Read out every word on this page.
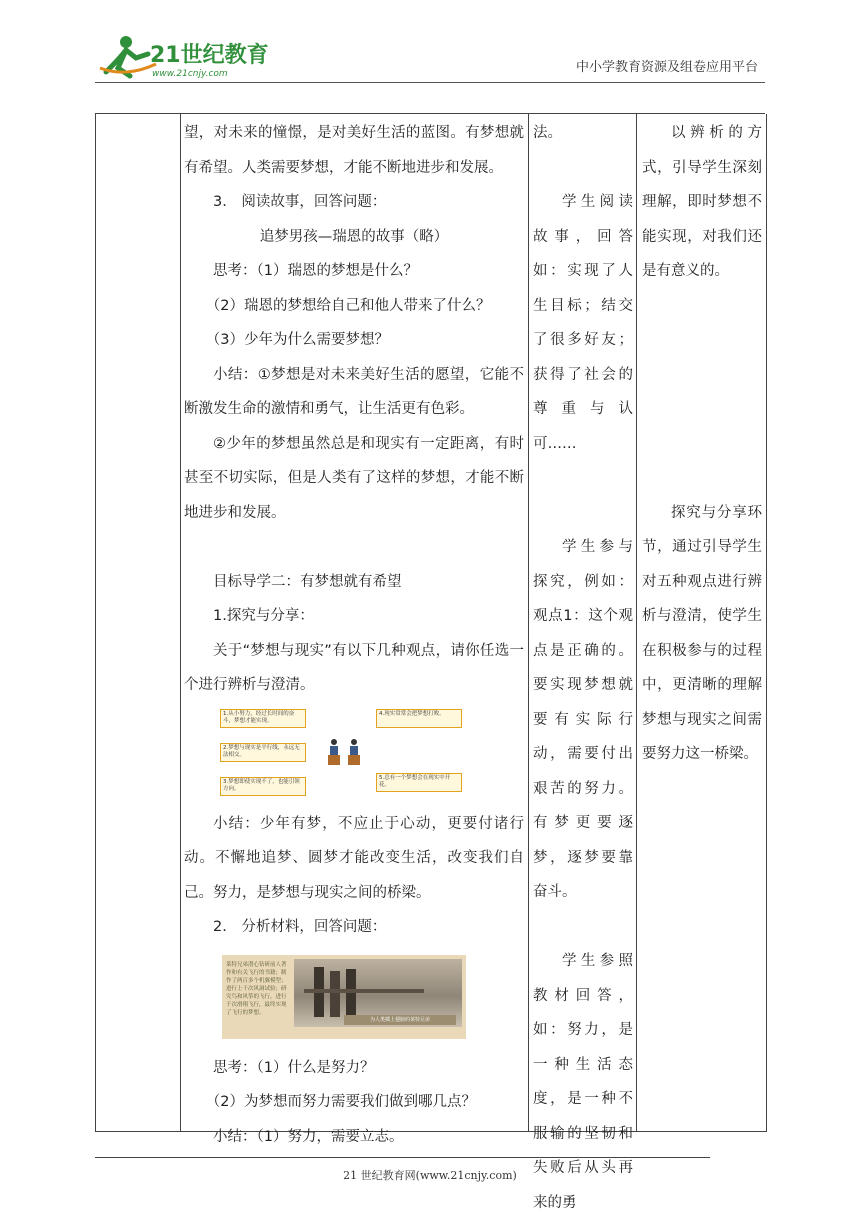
21世纪教育
www.21cnjy.com	中小学教育资源及组卷应用平台

望，对未来的憧憬，是对美好生活的蓝图。有梦想就有希望。人类需要梦想，才能不断地进步和发展。

3.　阅读故事，回答问题：

追梦男孩—瑞恩的故事（略）

思考：（1）瑞恩的梦想是什么？

（2）瑞恩的梦想给自己和他人带来了什么？

（3）少年为什么需要梦想？

小结：①梦想是对未来美好生活的愿望，它能不断激发生命的激情和勇气，让生活更有色彩。

②少年的梦想虽然总是和现实有一定距离，有时甚至不切实际，但是人类有了这样的梦想，才能不断地进步和发展。

目标导学二：有梦想就有希望

1.探究与分享：

关于“梦想与现实”有以下几种观点，请你任选一个进行辨析与澄清。

1.从小努力，经过长时间的奋斗，梦想才能实现。
2.梦想与现实是平行线，永远无法相交。
3.梦想即使实现不了，也能引领方向。
4.现实常常会把梦想打败。
5.总有一个梦想会在现实中开花。

小结：少年有梦，不应止于心动，更要付诸行动。不懈地追梦、圆梦才能改变生活，改变我们自己。努力，是梦想与现实之间的桥梁。

2.　分析材料，回答问题：

莱特兄弟潜心钻研前人著作和有关飞行的书籍；制作了两百多个机翼模型；进行上千次风洞试验；研究鸟和风筝的飞行，进行千次滑翔飞行，最终实现了飞行的梦想。
为人类插上翅膀的莱特兄弟

思考：（1）什么是努力？

（2）为梦想而努力需要我们做到哪几点？

小结：（1）努力，需要立志。

法。

学生阅读故事，回答如：实现了人生目标；结交了很多好友；获得了社会的尊重与认可……

学生参与探究，例如：观点1：这个观点是正确的。要实现梦想就要有实际行动，需要付出艰苦的努力。有梦更要逐梦，逐梦要靠奋斗。

学生参照教材回答，如：努力，是一种生活态度，是一种不服输的坚韧和失败后从头再来的勇

以辨析的方式，引导学生深刻理解，即时梦想不能实现，对我们还是有意义的。

探究与分享环节，通过引导学生对五种观点进行辨析与澄清，使学生在积极参与的过程中，更清晰的理解梦想与现实之间需要努力这一桥梁。

21 世纪教育网(www.21cnjy.com)
